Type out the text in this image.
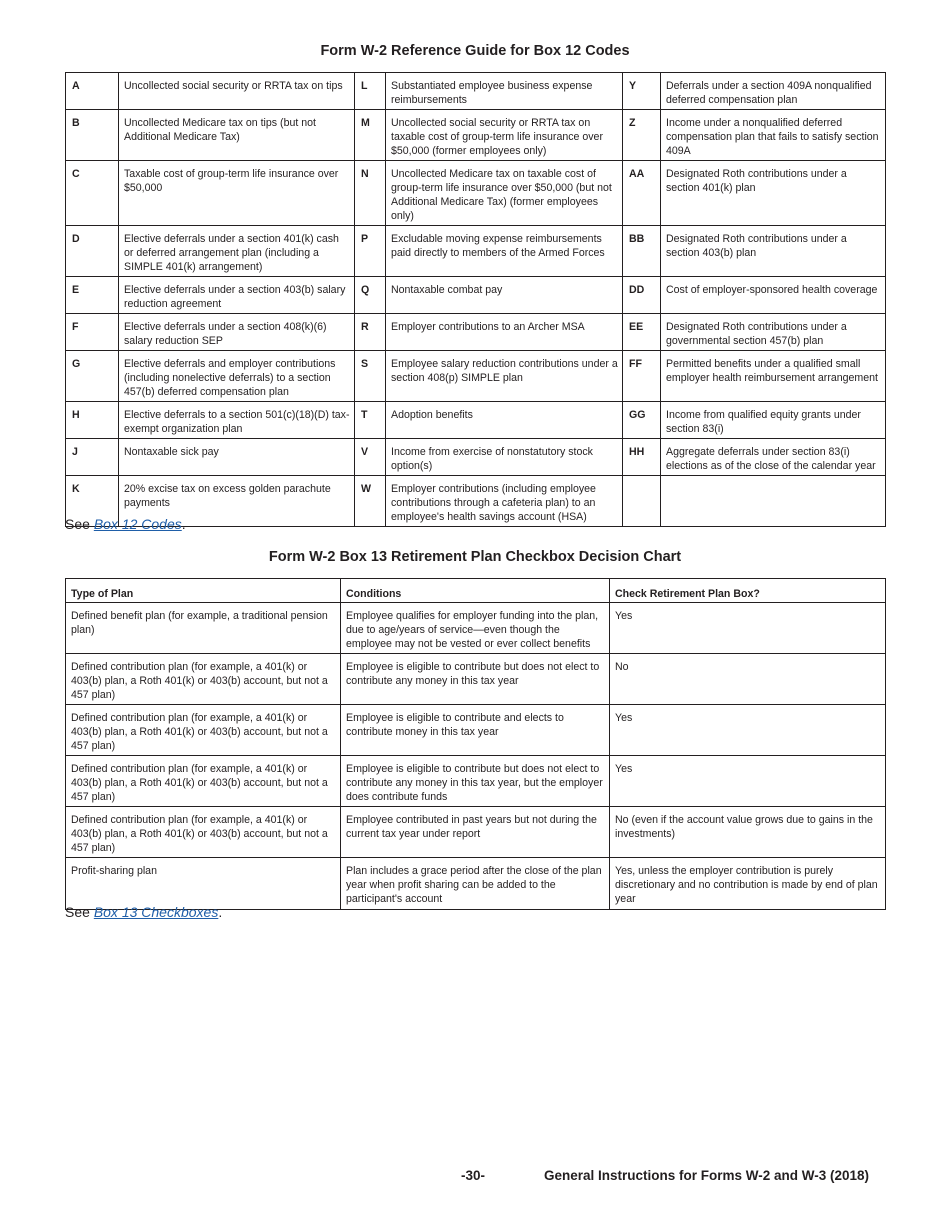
Form W-2 Reference Guide for Box 12 Codes
A	Uncollected social security or RRTA tax on tips	L	Substantiated employee business expense reimbursements	Y	Deferrals under a section 409A nonqualified deferred compensation plan
B	Uncollected Medicare tax on tips (but not Additional Medicare Tax)	M	Uncollected social security or RRTA tax on taxable cost of group-term life insurance over $50,000 (former employees only)	Z	Income under a nonqualified deferred compensation plan that fails to satisfy section 409A
C	Taxable cost of group-term life insurance over $50,000	N	Uncollected Medicare tax on taxable cost of group-term life insurance over $50,000 (but not Additional Medicare Tax) (former employees only)	AA	Designated Roth contributions under a section 401(k) plan
D	Elective deferrals under a section 401(k) cash or deferred arrangement plan (including a SIMPLE 401(k) arrangement)	P	Excludable moving expense reimbursements paid directly to members of the Armed Forces	BB	Designated Roth contributions under a section 403(b) plan
E	Elective deferrals under a section 403(b) salary reduction agreement	Q	Nontaxable combat pay	DD	Cost of employer-sponsored health coverage
F	Elective deferrals under a section 408(k)(6) salary reduction SEP	R	Employer contributions to an Archer MSA	EE	Designated Roth contributions under a governmental section 457(b) plan
G	Elective deferrals and employer contributions (including nonelective deferrals) to a section 457(b) deferred compensation plan	S	Employee salary reduction contributions under a section 408(p) SIMPLE plan	FF	Permitted benefits under a qualified small employer health reimbursement arrangement
H	Elective deferrals to a section 501(c)(18)(D) tax-exempt organization plan	T	Adoption benefits	GG	Income from qualified equity grants under section 83(i)
J	Nontaxable sick pay	V	Income from exercise of nonstatutory stock option(s)	HH	Aggregate deferrals under section 83(i) elections as of the close of the calendar year
K	20% excise tax on excess golden parachute payments	W	Employer contributions (including employee contributions through a cafeteria plan) to an employee's health savings account (HSA)		
See Box 12 Codes.
Form W-2 Box 13 Retirement Plan Checkbox Decision Chart
Type of Plan	Conditions	Check Retirement Plan Box?
Defined benefit plan (for example, a traditional pension plan)	Employee qualifies for employer funding into the plan, due to age/years of service—even though the employee may not be vested or ever collect benefits	Yes
Defined contribution plan (for example, a 401(k) or 403(b) plan, a Roth 401(k) or 403(b) account, but not a 457 plan)	Employee is eligible to contribute but does not elect to contribute any money in this tax year	No
Defined contribution plan (for example, a 401(k) or 403(b) plan, a Roth 401(k) or 403(b) account, but not a 457 plan)	Employee is eligible to contribute and elects to contribute money in this tax year	Yes
Defined contribution plan (for example, a 401(k) or 403(b) plan, a Roth 401(k) or 403(b) account, but not a 457 plan)	Employee is eligible to contribute but does not elect to contribute any money in this tax year, but the employer does contribute funds	Yes
Defined contribution plan (for example, a 401(k) or 403(b) plan, a Roth 401(k) or 403(b) account, but not a 457 plan)	Employee contributed in past years but not during the current tax year under report	No (even if the account value grows due to gains in the investments)
Profit-sharing plan	Plan includes a grace period after the close of the plan year when profit sharing can be added to the participant's account	Yes, unless the employer contribution is purely discretionary and no contribution is made by end of plan year
See Box 13 Checkboxes.
-30-	General Instructions for Forms W-2 and W-3 (2018)
